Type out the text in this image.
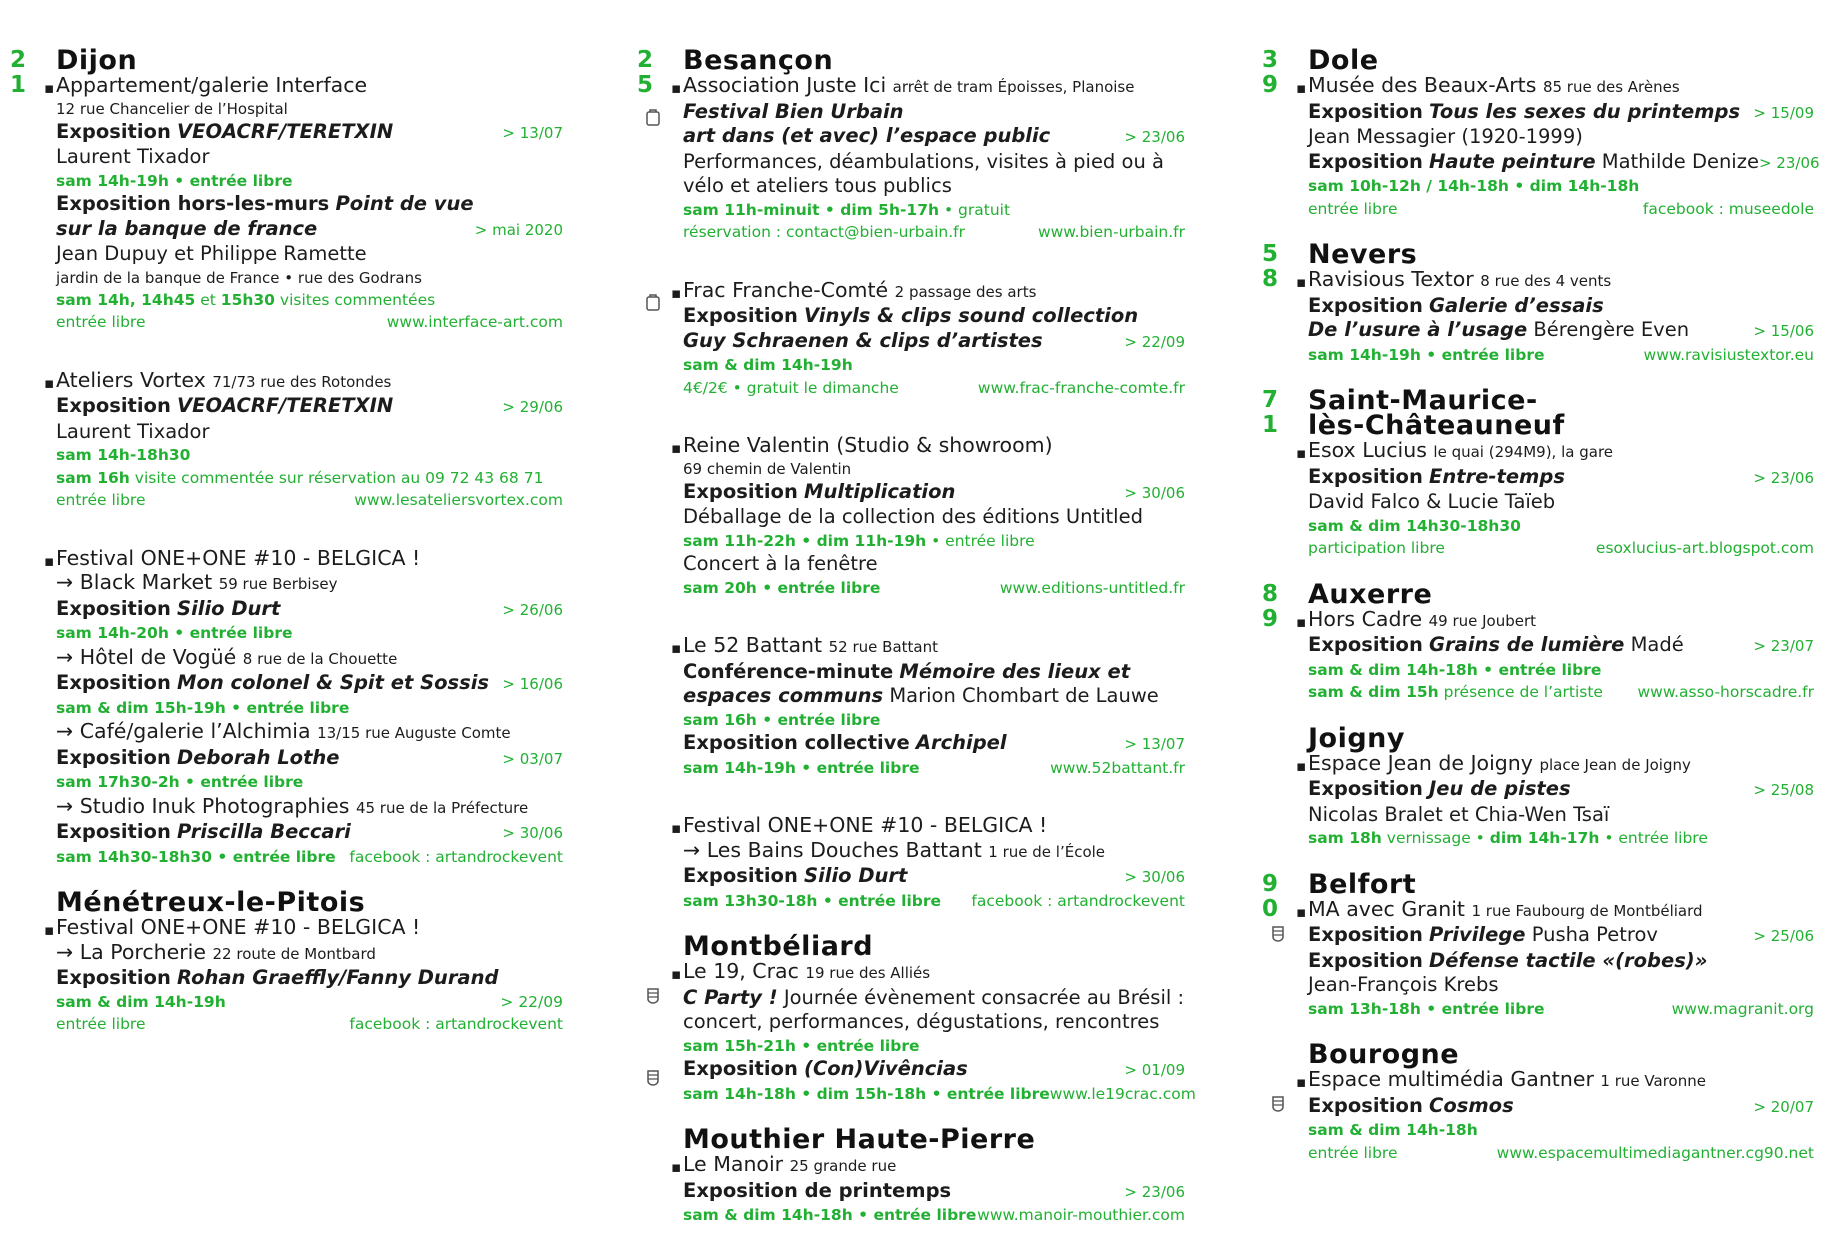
2
1
Dijon
▪ Appartement/galerie Interface
12 rue Chancelier de l’Hospital
Exposition VEOACRF/TERETXIN	> 13/07
Laurent Tixador
sam 14h-19h • entrée libre
Exposition hors-les-murs Point de vue
sur la banque de france	> mai 2020
Jean Dupuy et Philippe Ramette
jardin de la banque de France • rue des Godrans
sam 14h, 14h45 et 15h30 visites commentées
entrée libre	www.interface-art.com
▪ Ateliers Vortex 71/73 rue des Rotondes
Exposition VEOACRF/TERETXIN	> 29/06
Laurent Tixador
sam 14h-18h30
sam 16h visite commentée sur réservation au 09 72 43 68 71
entrée libre	www.lesateliersvortex.com
▪ Festival ONE+ONE #10 - BELGICA !
→ Black Market 59 rue Berbisey
Exposition Silio Durt	> 26/06
sam 14h-20h • entrée libre
→ Hôtel de Vogüé 8 rue de la Chouette
Exposition Mon colonel & Spit et Sossis > 16/06
sam & dim 15h-19h • entrée libre
→ Café/galerie l’Alchimia 13/15 rue Auguste Comte
Exposition Deborah Lothe	> 03/07
sam 17h30-2h • entrée libre
→ Studio Inuk Photographies 45 rue de la Préfecture
Exposition Priscilla Beccari	> 30/06
sam 14h30-18h30 • entrée libre facebook : artandrockevent
Ménétreux-le-Pitois
▪ Festival ONE+ONE #10 - BELGICA !
→ La Porcherie 22 route de Montbard
Exposition Rohan Graeffly/Fanny Durand
sam & dim 14h-19h	> 22/09
entrée libre	facebook : artandrockevent
2
5
Besançon
▪ Association Juste Ici arrêt de tram Époisses, Planoise
Festival Bien Urbain
art dans (et avec) l’espace public	> 23/06
Performances, déambulations, visites à pied ou à vélo et ateliers tous publics
sam 11h-minuit • dim 5h-17h • gratuit
réservation : contact@bien-urbain.fr	www.bien-urbain.fr
▪ Frac Franche-Comté 2 passage des arts
Exposition Vinyls & clips sound collection
Guy Schraenen & clips d’artistes	> 22/09
sam & dim 14h-19h
4€/2€ • gratuit le dimanche	www.frac-franche-comte.fr
▪ Reine Valentin (Studio & showroom)
69 chemin de Valentin
Exposition Multiplication	> 30/06
Déballage de la collection des éditions Untitled
sam 11h-22h • dim 11h-19h • entrée libre
Concert à la fenêtre
sam 20h • entrée libre	www.editions-untitled.fr
▪ Le 52 Battant 52 rue Battant
Conférence-minute Mémoire des lieux et
espaces communs Marion Chombart de Lauwe
sam 16h • entrée libre
Exposition collective Archipel	> 13/07
sam 14h-19h • entrée libre	www.52battant.fr
▪ Festival ONE+ONE #10 - BELGICA !
→ Les Bains Douches Battant 1 rue de l’École
Exposition Silio Durt	> 30/06
sam 13h30-18h • entrée libre facebook : artandrockevent
Montbéliard
▪ Le 19, Crac 19 rue des Alliés
C Party ! Journée évènement consacrée au Brésil :
concert, performances, dégustations, rencontres
sam 15h-21h • entrée libre
Exposition (Con)Vivências	> 01/09
sam 14h-18h • dim 15h-18h • entrée libre www.le19crac.com
Mouthier Haute-Pierre
▪ Le Manoir 25 grande rue
Exposition de printemps	> 23/06
sam & dim 14h-18h • entrée libre www.manoir-mouthier.com
3
9
Dole
▪ Musée des Beaux-Arts 85 rue des Arènes
Exposition Tous les sexes du printemps > 15/09
Jean Messagier (1920-1999)
Exposition Haute peinture Mathilde Denize > 23/06
sam 10h-12h / 14h-18h • dim 14h-18h
entrée libre	facebook : museedole
5
8
Nevers
▪ Ravisious Textor 8 rue des 4 vents
Exposition Galerie d’essais
De l’usure à l’usage Bérengère Even	> 15/06
sam 14h-19h • entrée libre	www.ravisiustextor.eu
7
1
Saint-Maurice-
lès-Châteauneuf
▪ Esox Lucius le quai (294M9), la gare
Exposition Entre-temps	> 23/06
David Falco & Lucie Taïeb
sam & dim 14h30-18h30
participation libre	esoxlucius-art.blogspot.com
8
9
Auxerre
▪ Hors Cadre 49 rue Joubert
Exposition Grains de lumière Madé	> 23/07
sam & dim 14h-18h • entrée libre
sam & dim 15h présence de l’artiste www.asso-horscadre.fr
Joigny
▪ Espace Jean de Joigny place Jean de Joigny
Exposition Jeu de pistes	> 25/08
Nicolas Bralet et Chia-Wen Tsaï
sam 18h vernissage • dim 14h-17h • entrée libre
9
0
Belfort
▪ MA avec Granit 1 rue Faubourg de Montbéliard
Exposition Privilege Pusha Petrov	> 25/06
Exposition Défense tactile «(robes)»
Jean-François Krebs
sam 13h-18h • entrée libre	www.magranit.org
Bourogne
▪ Espace multimédia Gantner 1 rue Varonne
Exposition Cosmos	> 20/07
sam & dim 14h-18h
entrée libre	www.espacemultimediagantner.cg90.net
